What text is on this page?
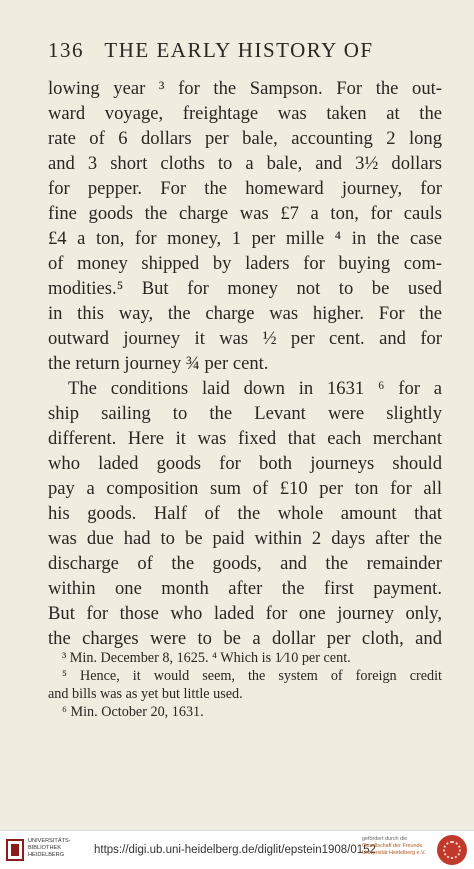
136 THE EARLY HISTORY OF
lowing year ³ for the Sampson. For the out-
ward voyage, freightage was taken at the
rate of 6 dollars per bale, accounting 2 long
and 3 short cloths to a bale, and 3½ dollars
for pepper. For the homeward journey, for
fine goods the charge was £7 a ton, for cauls
£4 a ton, for money, 1 per mille ⁴ in the case
of money shipped by laders for buying com-
modities.⁵ But for money not to be used
in this way, the charge was higher. For the
outward journey it was ½ per cent. and for
the return journey ¾ per cent.
The conditions laid down in 1631 ⁶ for a
ship sailing to the Levant were slightly
different. Here it was fixed that each merchant
who laded goods for both journeys should
pay a composition sum of £10 per ton for all
his goods. Half of the whole amount that
was due had to be paid within 2 days after the
discharge of the goods, and the remainder
within one month after the first payment.
But for those who laded for one journey only,
the charges were to be a dollar per cloth, and
³ Min. December 8, 1625. ⁴ Which is 1⁄10 per cent.
⁵ Hence, it would seem, the system of foreign credit
and bills was as yet but little used.
⁶ Min. October 20, 1631.
UNIVERSITÄTS-BIBLIOTHEK HEIDELBERG	https://digi.ub.uni-heidelberg.de/diglit/epstein1908/0152
gefördert durch die
Gesellschaft der Freunde Universität Heidelberg e.V.
